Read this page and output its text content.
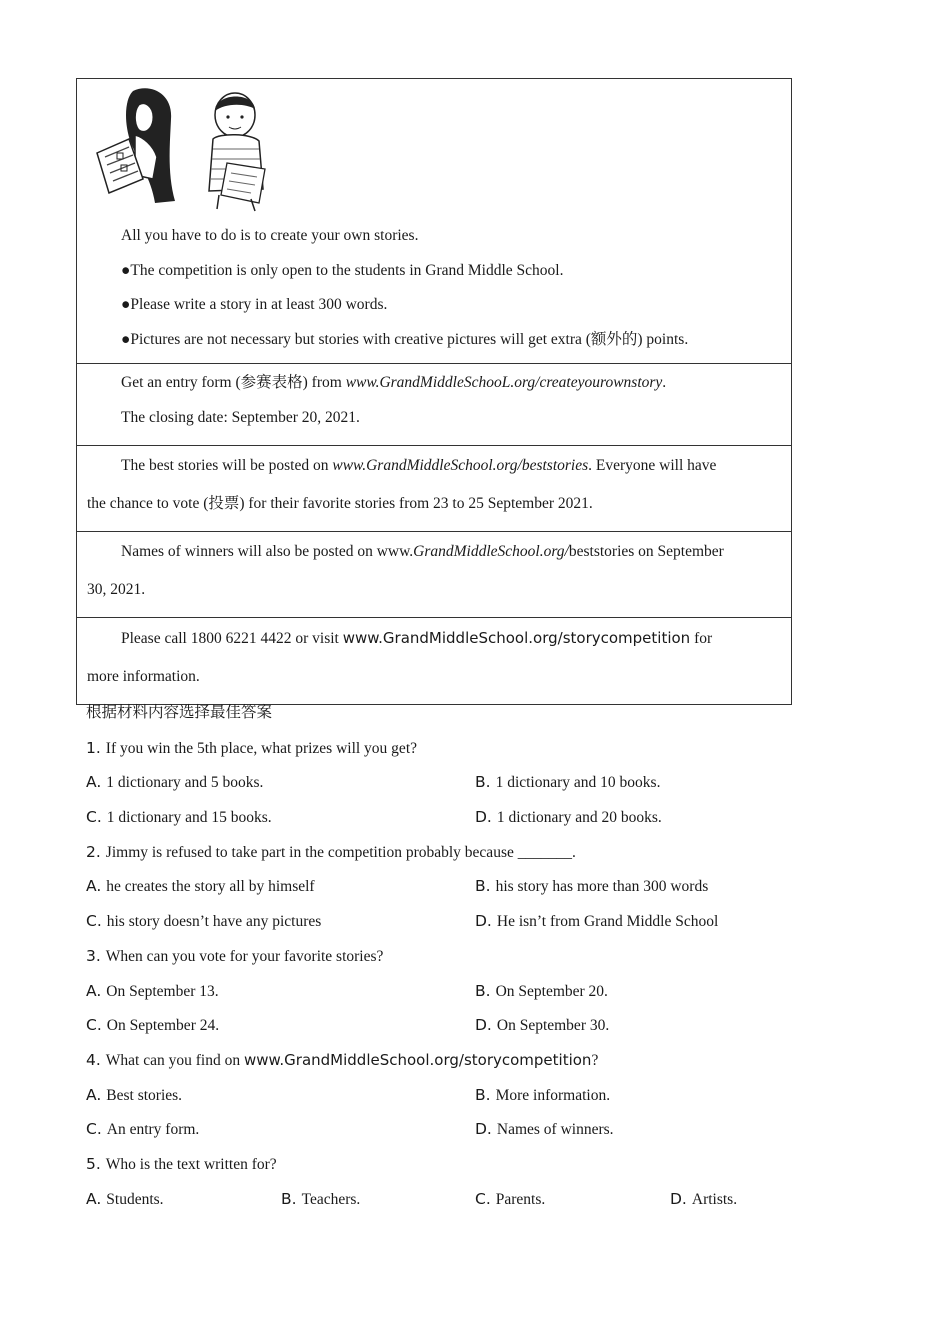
All you have to do is to create your own stories.

●The competition is only open to the students in Grand Middle School.

●Please write a story in at least 300 words.

●Pictures are not necessary but stories with creative pictures will get extra (额外的) points.

Get an entry form (参赛表格) from www.GrandMiddleSchooL.org/createyourownstory.

The closing date: September 20, 2021.

The best stories will be posted on www.GrandMiddleSchool.org/beststories. Everyone will have

the chance to vote (投票) for their favorite stories from 23 to 25 September 2021.

Names of winners will also be posted on www.GrandMiddleSchool.org/beststories on September

30, 2021.

Please call 1800 6221 4422 or visit www.GrandMiddleSchool.org/storycompetition for

more information.

根据材料内容选择最佳答案
1. If you win the 5th place, what prizes will you get?
A. 1 dictionary and 5 books.	B. 1 dictionary and 10 books.
C. 1 dictionary and 15 books.	D. 1 dictionary and 20 books.
2. Jimmy is refused to take part in the competition probably because _______.
A. he creates the story all by himself	B. his story has more than 300 words
C. his story doesn’t have any pictures	D. He isn’t from Grand Middle School
3. When can you vote for your favorite stories?
A. On September 13.	B. On September 20.
C. On September 24.	D. On September 30.
4. What can you find on www.GrandMiddleSchool.org/storycompetition?
A. Best stories.	B. More information.
C. An entry form.	D. Names of winners.
5. Who is the text written for?
A. Students.	B. Teachers.	C. Parents.	D. Artists.
